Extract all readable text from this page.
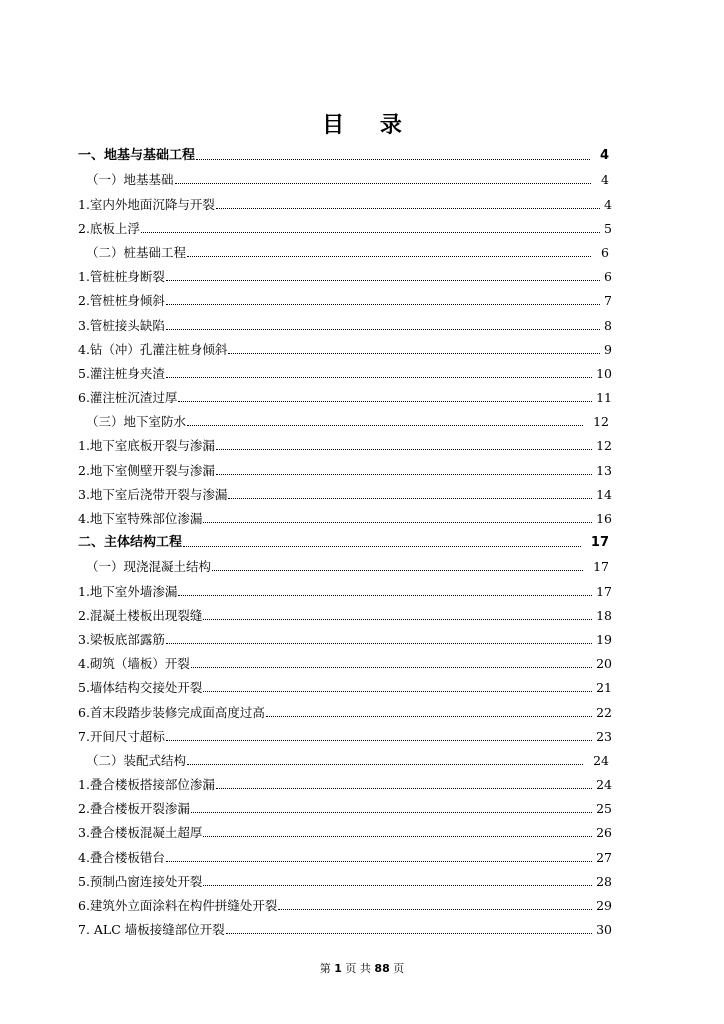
目 录
一、地基与基础工程	4
（一）地基基础	4
1.室内外地面沉降与开裂	4
2.底板上浮	5
（二）桩基础工程	6
1.管桩桩身断裂	6
2.管桩桩身倾斜	7
3.管桩接头缺陷	8
4.钻（冲）孔灌注桩身倾斜	9
5.灌注桩身夹渣	10
6.灌注桩沉渣过厚	11
（三）地下室防水	12
1.地下室底板开裂与渗漏	12
2.地下室侧壁开裂与渗漏	13
3.地下室后浇带开裂与渗漏	14
4.地下室特殊部位渗漏	16
二、主体结构工程	17
（一）现浇混凝土结构	17
1.地下室外墙渗漏	17
2.混凝土楼板出现裂缝	18
3.梁板底部露筋	19
4.砌筑（墙板）开裂	20
5.墙体结构交接处开裂	21
6.首末段踏步装修完成面高度过高	22
7.开间尺寸超标	23
（二）装配式结构	24
1.叠合楼板搭接部位渗漏	24
2.叠合楼板开裂渗漏	25
3.叠合楼板混凝土超厚	26
4.叠合楼板错台	27
5.预制凸窗连接处开裂	28
6.建筑外立面涂料在构件拼缝处开裂	29
7. ALC 墙板接缝部位开裂	30
第 1 页 共 88 页
